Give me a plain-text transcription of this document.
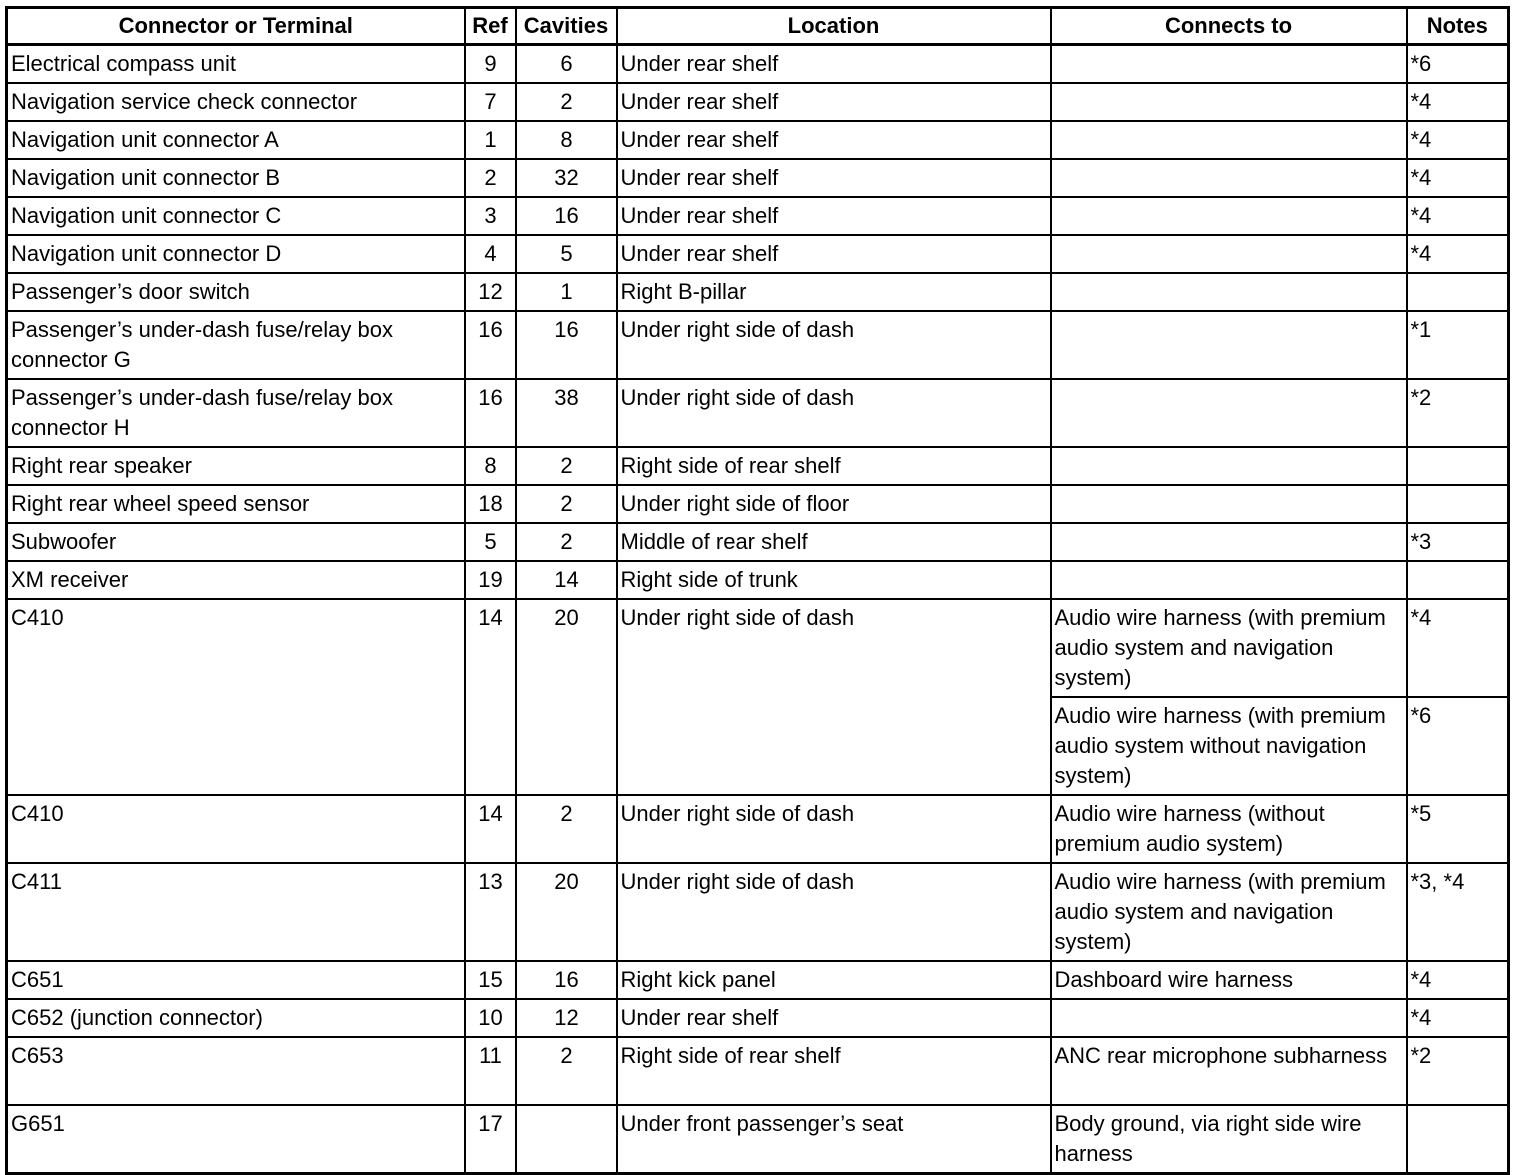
Connector or Terminal	Ref	Cavities	Location	Connects to	Notes
Electrical compass unit	9	6	Under rear shelf		*6
Navigation service check connector	7	2	Under rear shelf		*4
Navigation unit connector A	1	8	Under rear shelf		*4
Navigation unit connector B	2	32	Under rear shelf		*4
Navigation unit connector C	3	16	Under rear shelf		*4
Navigation unit connector D	4	5	Under rear shelf		*4
Passenger’s door switch	12	1	Right B-pillar		
Passenger’s under-dash fuse/relay box connector G	16	16	Under right side of dash		*1
Passenger’s under-dash fuse/relay box connector H	16	38	Under right side of dash		*2
Right rear speaker	8	2	Right side of rear shelf		
Right rear wheel speed sensor	18	2	Under right side of floor		
Subwoofer	5	2	Middle of rear shelf		*3
XM receiver	19	14	Right side of trunk		
C410	14	20	Under right side of dash	Audio wire harness (with premium audio system and navigation system)	*4
				Audio wire harness (with premium audio system without navigation system)	*6
C410	14	2	Under right side of dash	Audio wire harness (without premium audio system)	*5
C411	13	20	Under right side of dash	Audio wire harness (with premium audio system and navigation system)	*3, *4
C651	15	16	Right kick panel	Dashboard wire harness	*4
C652 (junction connector)	10	12	Under rear shelf		*4
C653	11	2	Right side of rear shelf	ANC rear microphone subharness	*2
G651	17		Under front passenger’s seat	Body ground, via right side wire harness	
